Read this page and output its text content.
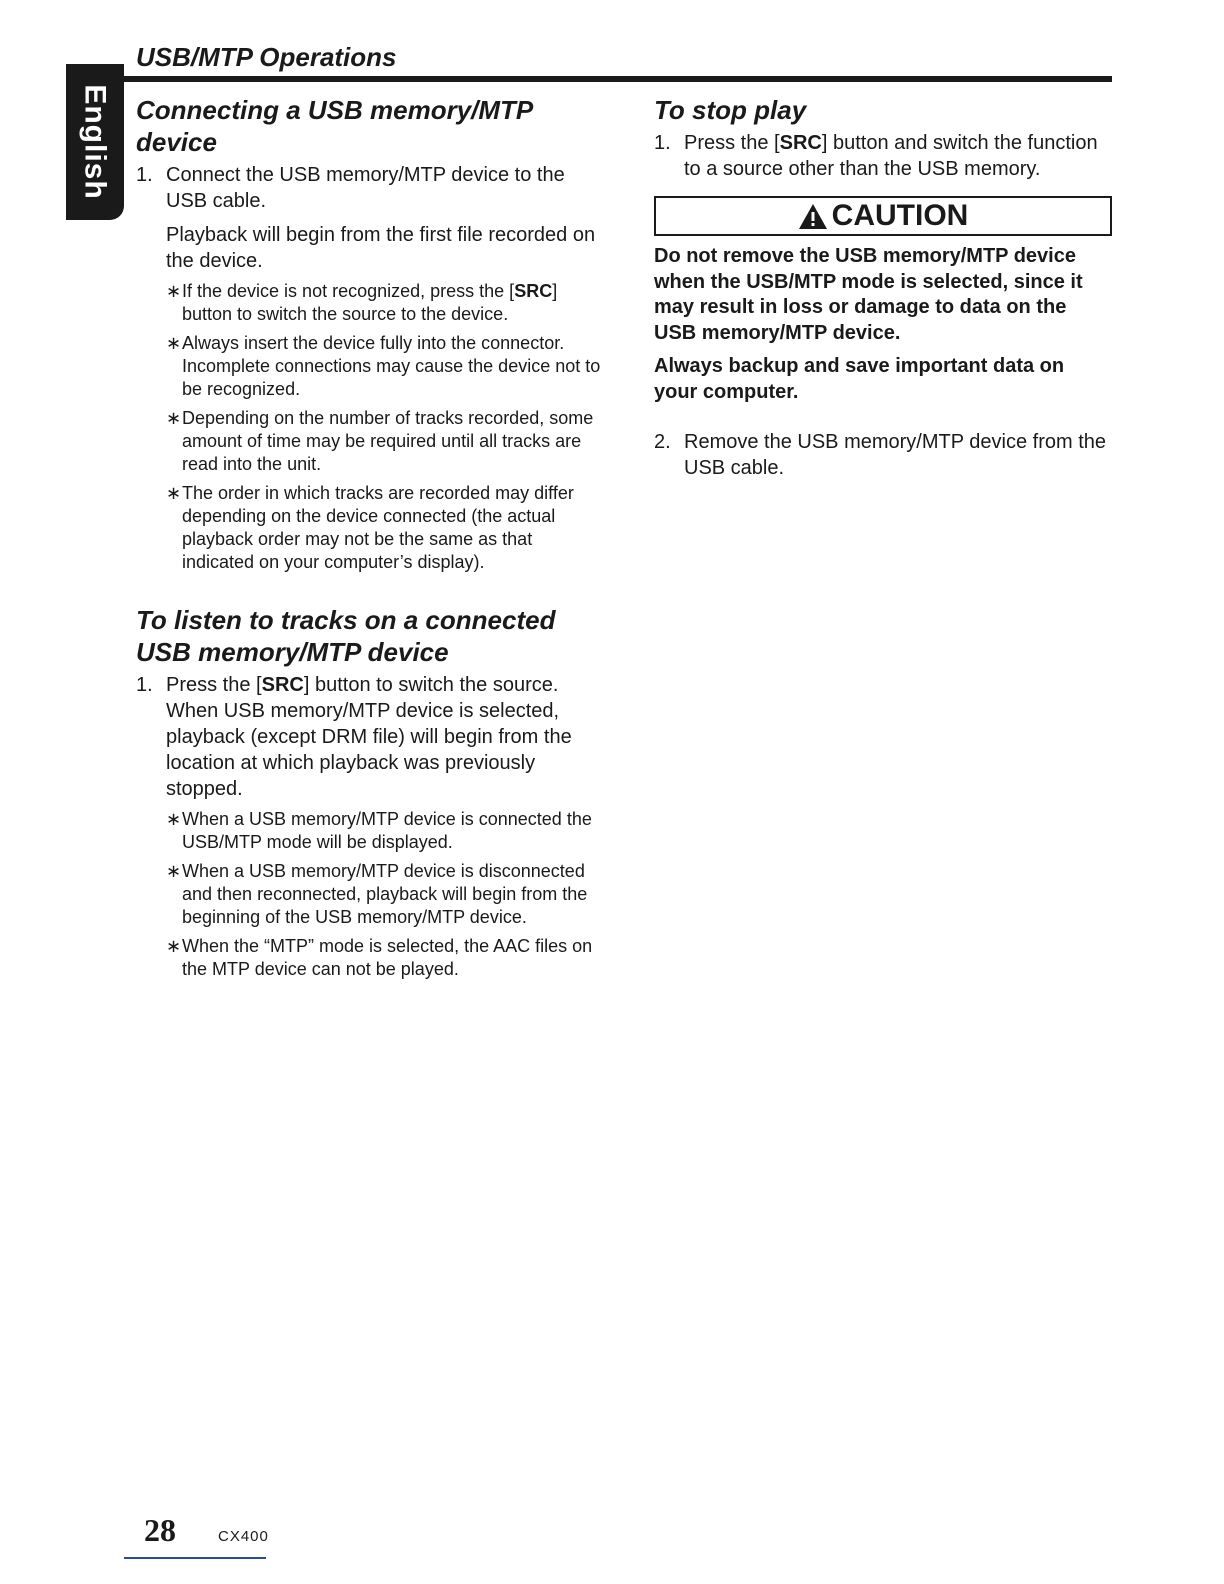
English
USB/MTP Operations
Connecting a USB memory/MTP
device
1. Connect the USB memory/MTP device to the USB cable.
Playback will begin from the first file recorded on the device.
∗ If the device is not recognized, press the [SRC] button to switch the source to the device.
∗ Always insert the device fully into the connector. Incomplete connections may cause the device not to be recognized.
∗ Depending on the number of tracks recorded, some amount of time may be required until all tracks are read into the unit.
∗ The order in which tracks are recorded may differ depending on the device connected (the actual playback order may not be the same as that indicated on your computer’s display).
To listen to tracks on a connected
USB memory/MTP device
1. Press the [SRC] button to switch the source. When USB memory/MTP device is selected, playback (except DRM file) will begin from the location at which playback was previously stopped.
∗ When a USB memory/MTP device is connected the USB/MTP mode will be displayed.
∗ When a USB memory/MTP device is disconnected and then reconnected, playback will begin from the beginning of the USB memory/MTP device.
∗ When the “MTP” mode is selected, the AAC files on the MTP device can not be played.
To stop play
1. Press the [SRC] button and switch the function to a source other than the USB memory.
CAUTION
Do not remove the USB memory/MTP device when the USB/MTP mode is selected, since it may result in loss or damage to data on the USB memory/MTP device.
Always backup and save important data on your computer.
2. Remove the USB memory/MTP device from the USB cable.
28	CX400
